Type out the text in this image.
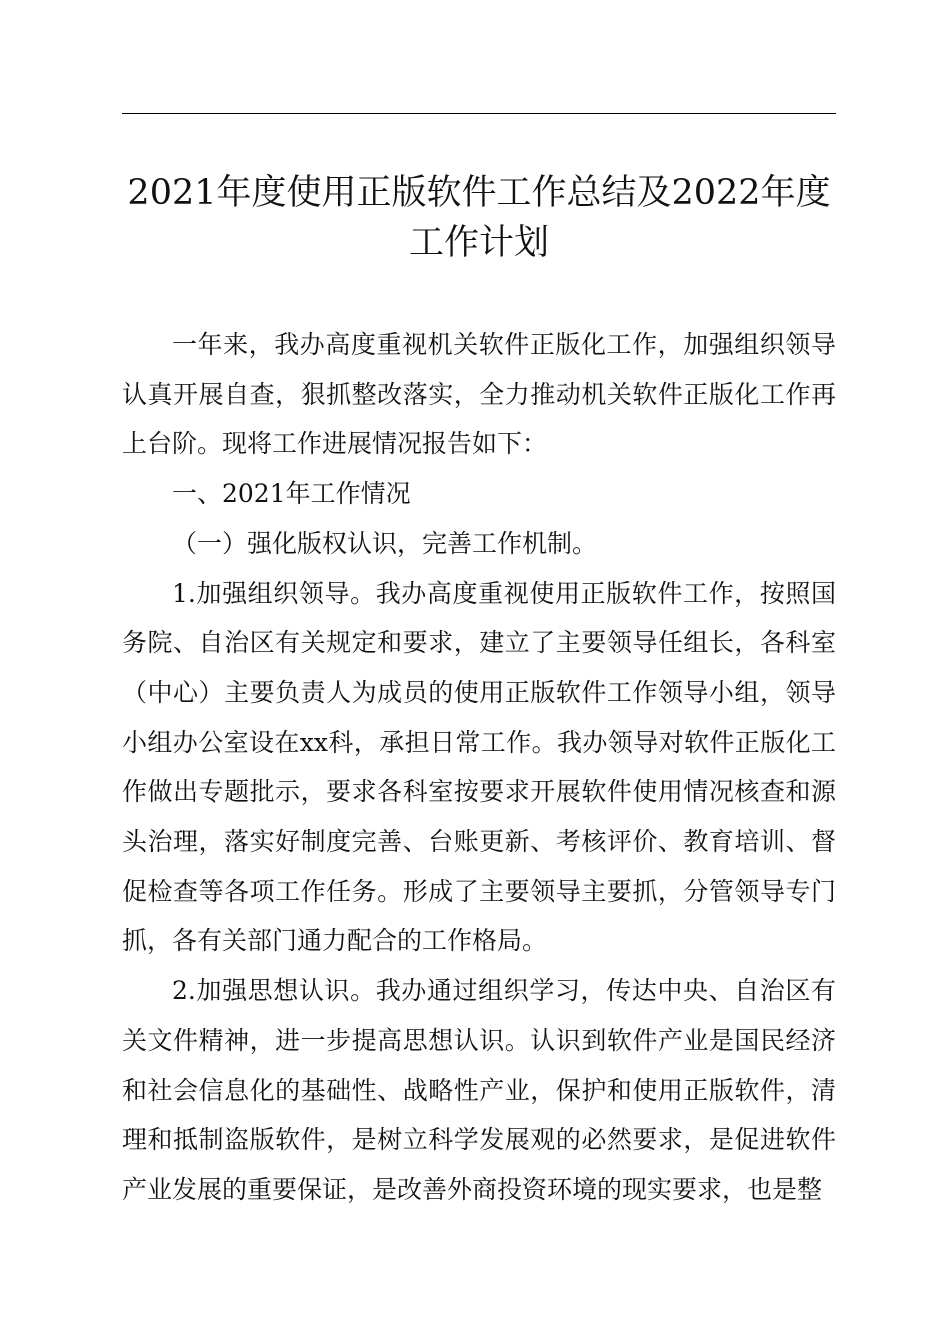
2021年度使用正版软件工作总结及2022年度
工作计划

一年来，我办高度重视机关软件正版化工作，加强组织领导认真开展自查，狠抓整改落实，全力推动机关软件正版化工作再上台阶。现将工作进展情况报告如下：

一、2021年工作情况

（一）强化版权认识，完善工作机制。

1.加强组织领导。我办高度重视使用正版软件工作，按照国务院、自治区有关规定和要求，建立了主要领导任组长，各科室（中心）主要负责人为成员的使用正版软件工作领导小组，领导小组办公室设在xx科，承担日常工作。我办领导对软件正版化工作做出专题批示，要求各科室按要求开展软件使用情况核查和源头治理，落实好制度完善、台账更新、考核评价、教育培训、督促检查等各项工作任务。形成了主要领导主要抓，分管领导专门抓，各有关部门通力配合的工作格局。

2.加强思想认识。我办通过组织学习，传达中央、自治区有关文件精神，进一步提高思想认识。认识到软件产业是国民经济和社会信息化的基础性、战略性产业，保护和使用正版软件，清理和抵制盗版软件，是树立科学发展观的必然要求，是促进软件产业发展的重要保证，是改善外商投资环境的现实要求，也是整
